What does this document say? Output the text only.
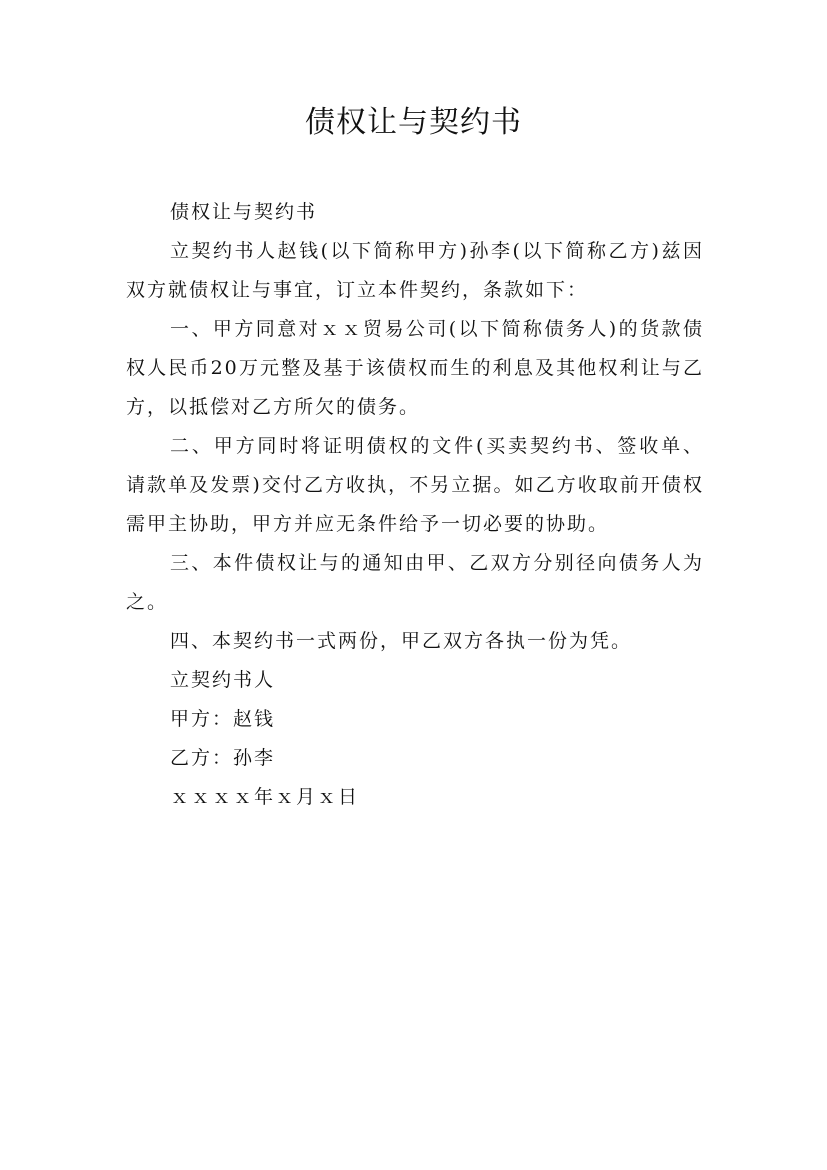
债权让与契约书

债权让与契约书

立契约书人赵钱(以下简称甲方)孙李(以下简称乙方)兹因双方就债权让与事宜，订立本件契约，条款如下：

一、甲方同意对ｘｘ贸易公司(以下简称债务人)的货款债权人民币20万元整及基于该债权而生的利息及其他权利让与乙方，以抵偿对乙方所欠的债务。

二、甲方同时将证明债权的文件(买卖契约书、签收单、请款单及发票)交付乙方收执，不另立据。如乙方收取前开债权需甲主协助，甲方并应无条件给予一切必要的协助。

三、本件债权让与的通知由甲、乙双方分别径向债务人为之。

四、本契约书一式两份，甲乙双方各执一份为凭。

立契约书人

甲方：赵钱

乙方：孙李

ｘｘｘｘ年ｘ月ｘ日
